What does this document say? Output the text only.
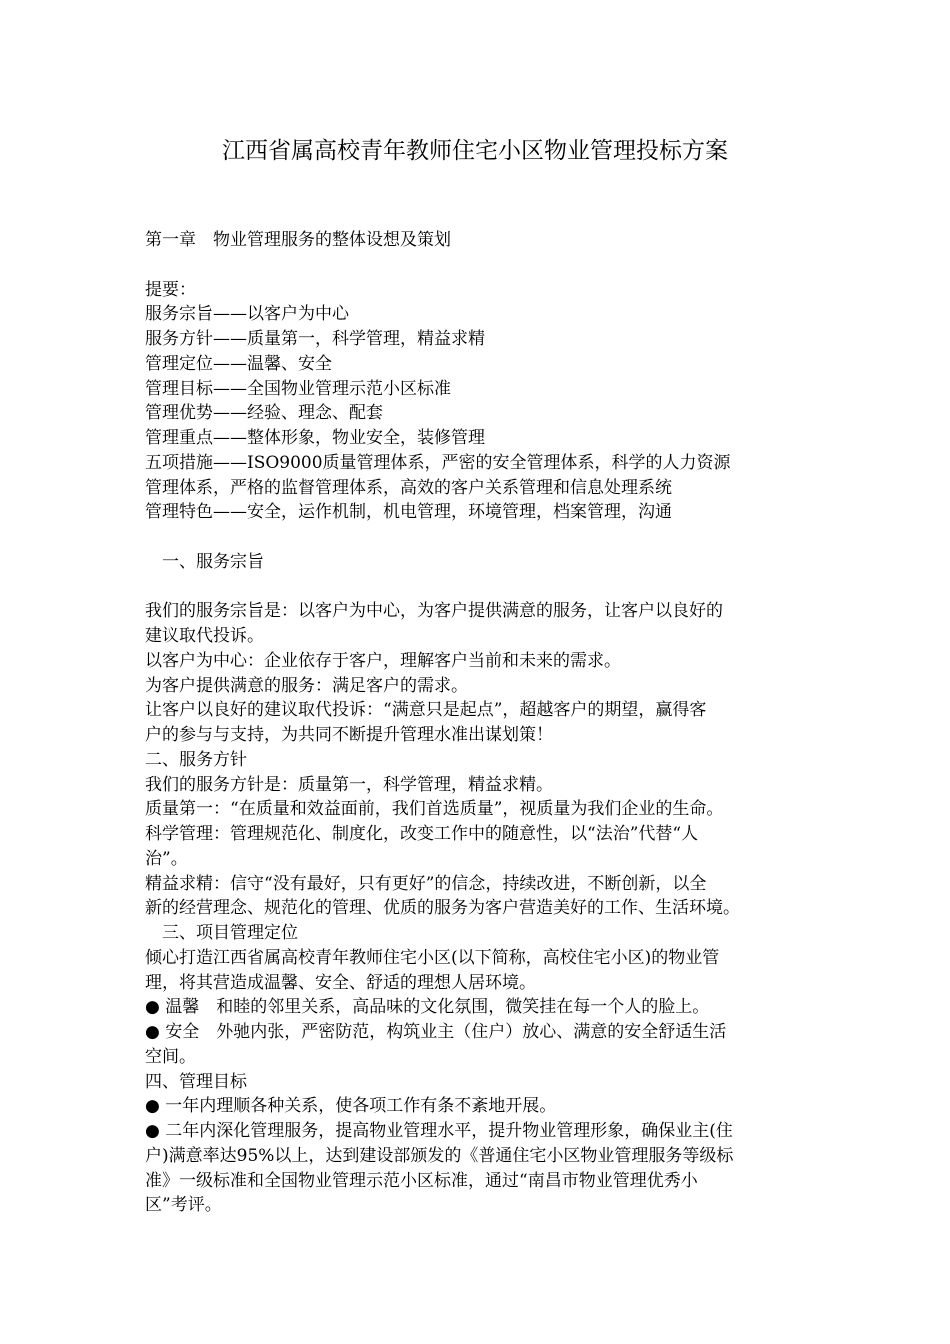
江西省属高校青年教师住宅小区物业管理投标方案
第一章　物业管理服务的整体设想及策划
提要：
服务宗旨——以客户为中心
服务方针——质量第一，科学管理，精益求精
管理定位——温馨、安全
管理目标——全国物业管理示范小区标准
管理优势——经验、理念、配套
管理重点——整体形象，物业安全，装修管理
五项措施——ISO9000质量管理体系，严密的安全管理体系，科学的人力资源
管理体系，严格的监督管理体系，高效的客户关系管理和信息处理系统
管理特色——安全，运作机制，机电管理，环境管理，档案管理，沟通
　一、服务宗旨
我们的服务宗旨是：以客户为中心，为客户提供满意的服务，让客户以良好的
建议取代投诉。
以客户为中心：企业依存于客户，理解客户当前和未来的需求。
为客户提供满意的服务：满足客户的需求。
让客户以良好的建议取代投诉：“满意只是起点”，超越客户的期望，赢得客
户的参与与支持，为共同不断提升管理水准出谋划策！
二、服务方针
我们的服务方针是：质量第一，科学管理，精益求精。
质量第一：“在质量和效益面前，我们首选质量”，视质量为我们企业的生命。
科学管理：管理规范化、制度化，改变工作中的随意性，以“法治”代替“人
治”。
精益求精：信守“没有最好，只有更好”的信念，持续改进，不断创新，以全
新的经营理念、规范化的管理、优质的服务为客户营造美好的工作、生活环境。
　三、项目管理定位
倾心打造江西省属高校青年教师住宅小区(以下简称，高校住宅小区)的物业管
理，将其营造成温馨、安全、舒适的理想人居环境。
● 温馨　和睦的邻里关系，高品味的文化氛围，微笑挂在每一个人的脸上。
● 安全　外驰内张，严密防范，构筑业主（住户）放心、满意的安全舒适生活
空间。
四、管理目标
● 一年内理顺各种关系，使各项工作有条不紊地开展。
● 二年内深化管理服务，提高物业管理水平，提升物业管理形象，确保业主(住
户)满意率达95%以上，达到建设部颁发的《普通住宅小区物业管理服务等级标
准》一级标准和全国物业管理示范小区标准，通过“南昌市物业管理优秀小
区”考评。
